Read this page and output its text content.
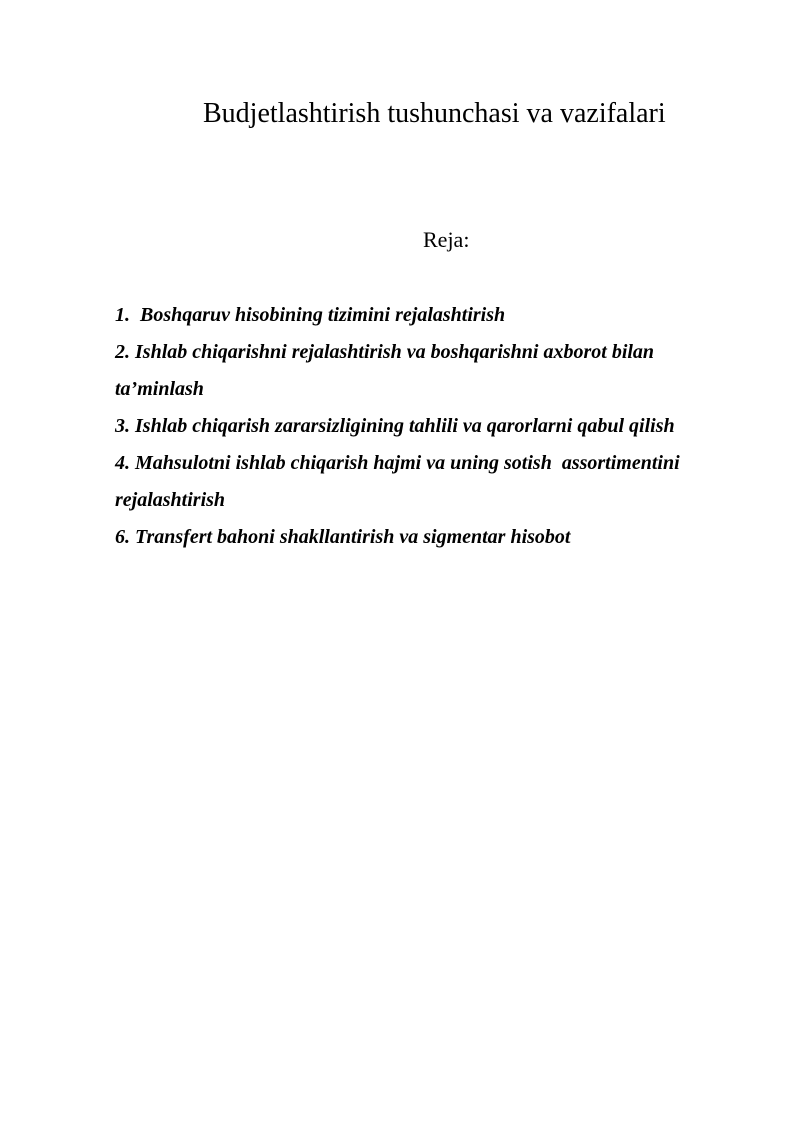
Budjetlashtirish tushunchasi va vazifalari
Reja:
1.  Boshqaruv hisobining tizimini rejalashtirish
2. Ishlab chiqarishni rejalashtirish va boshqarishni axborot bilan ta’minlash
3. Ishlab chiqarish zararsizligining tahlili va qarorlarni qabul qilish
4. Mahsulotni ishlab chiqarish hajmi va uning sotish  assortimentini rejalashtirish
6. Transfert bahoni shakllantirish va sigmentar hisobot
